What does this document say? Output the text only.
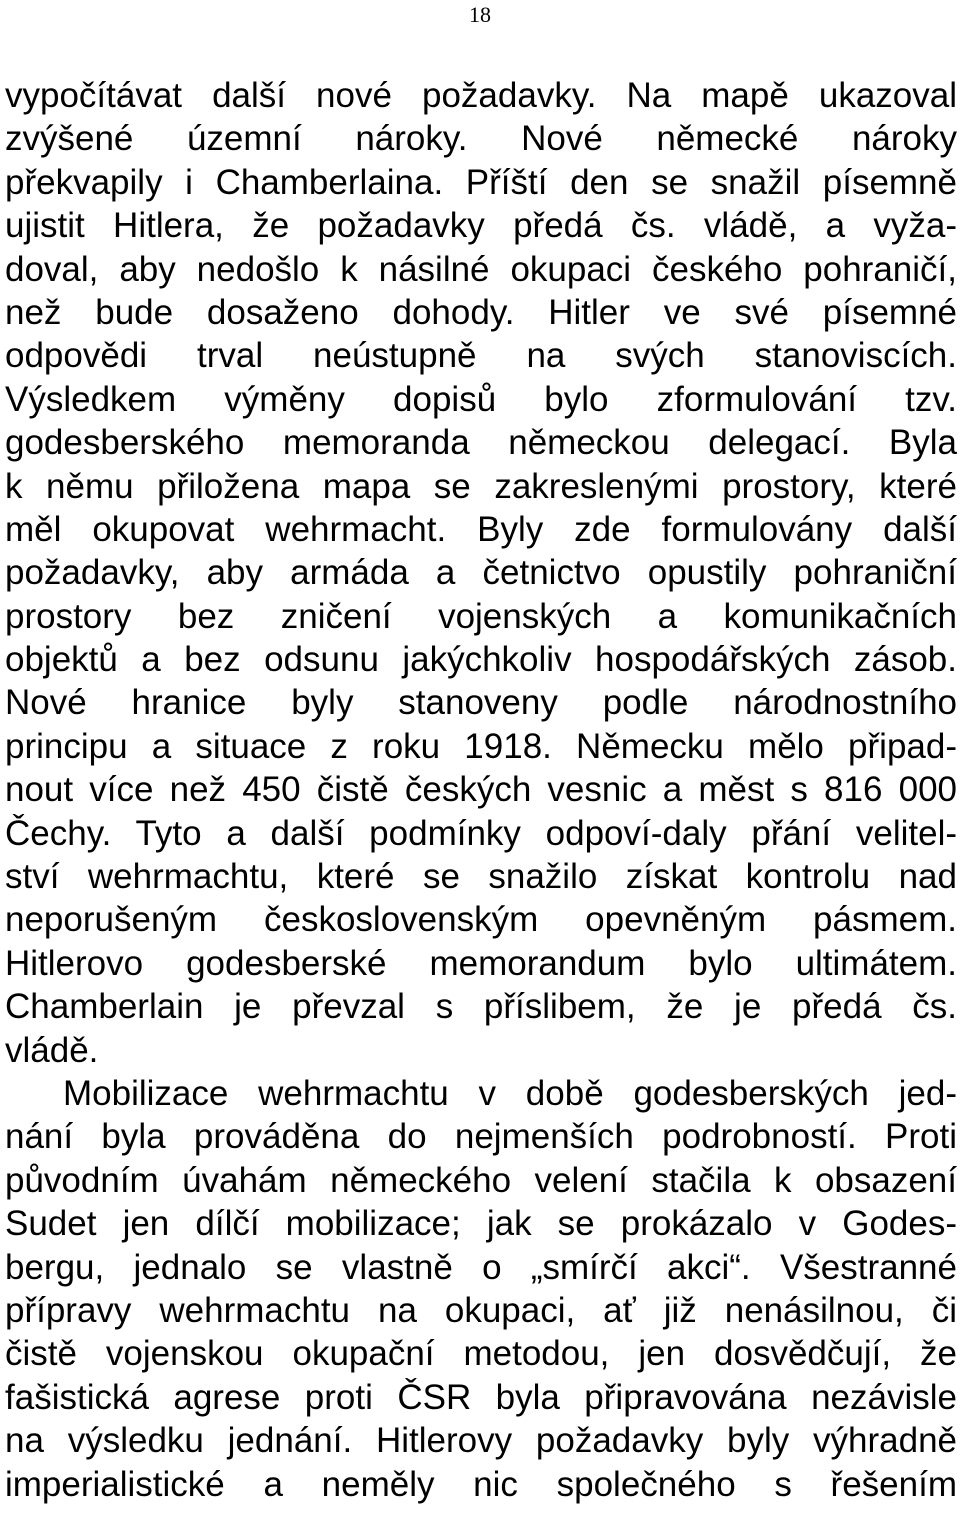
18
vypočítávat další nové požadavky. Na mapě ukazoval
zvýšené územní nároky. Nové německé nároky
překvapily i Chamberlaina. Příští den se snažil písemně
ujistit Hitlera, že požadavky předá čs. vládě, a vyža-
doval, aby nedošlo k násilné okupaci českého pohraničí,
než bude dosaženo dohody. Hitler ve své písemné
odpovědi trval neústupně na svých stanoviscích.
Výsledkem výměny dopisů bylo zformulování tzv.
godesberského memoranda německou delegací. Byla
k němu přiložena mapa se zakreslenými prostory, které
měl okupovat wehrmacht. Byly zde formulovány další
požadavky, aby armáda a četnictvo opustily pohraniční
prostory bez zničení vojenských a komunikačních
objektů a bez odsunu jakýchkoliv hospodářských zásob.
Nové hranice byly stanoveny podle národnostního
principu a situace z roku 1918. Německu mělo připad-
nout více než 450 čistě českých vesnic a měst s 816 000
Čechy. Tyto a další podmínky odpoví-daly přání velitel-
ství wehrmachtu, které se snažilo získat kontrolu nad
neporušeným československým opevněným pásmem.
Hitlerovo godesberské memorandum bylo ultimátem.
Chamberlain je převzal s příslibem, že je předá čs.
vládě.
Mobilizace wehrmachtu v době godesberských jed-
nání byla prováděna do nejmenších podrobností. Proti
původním úvahám německého velení stačila k obsazení
Sudet jen dílčí mobilizace; jak se prokázalo v Godes-
bergu, jednalo se vlastně o „smírčí akci“. Všestranné
přípravy wehrmachtu na okupaci, ať již nenásilnou, či
čistě vojenskou okupační metodou, jen dosvědčují, že
fašistická agrese proti ČSR byla připravována nezávisle
na výsledku jednání. Hitlerovy požadavky byly výhradně
imperialistické a neměly nic společného s řešením
